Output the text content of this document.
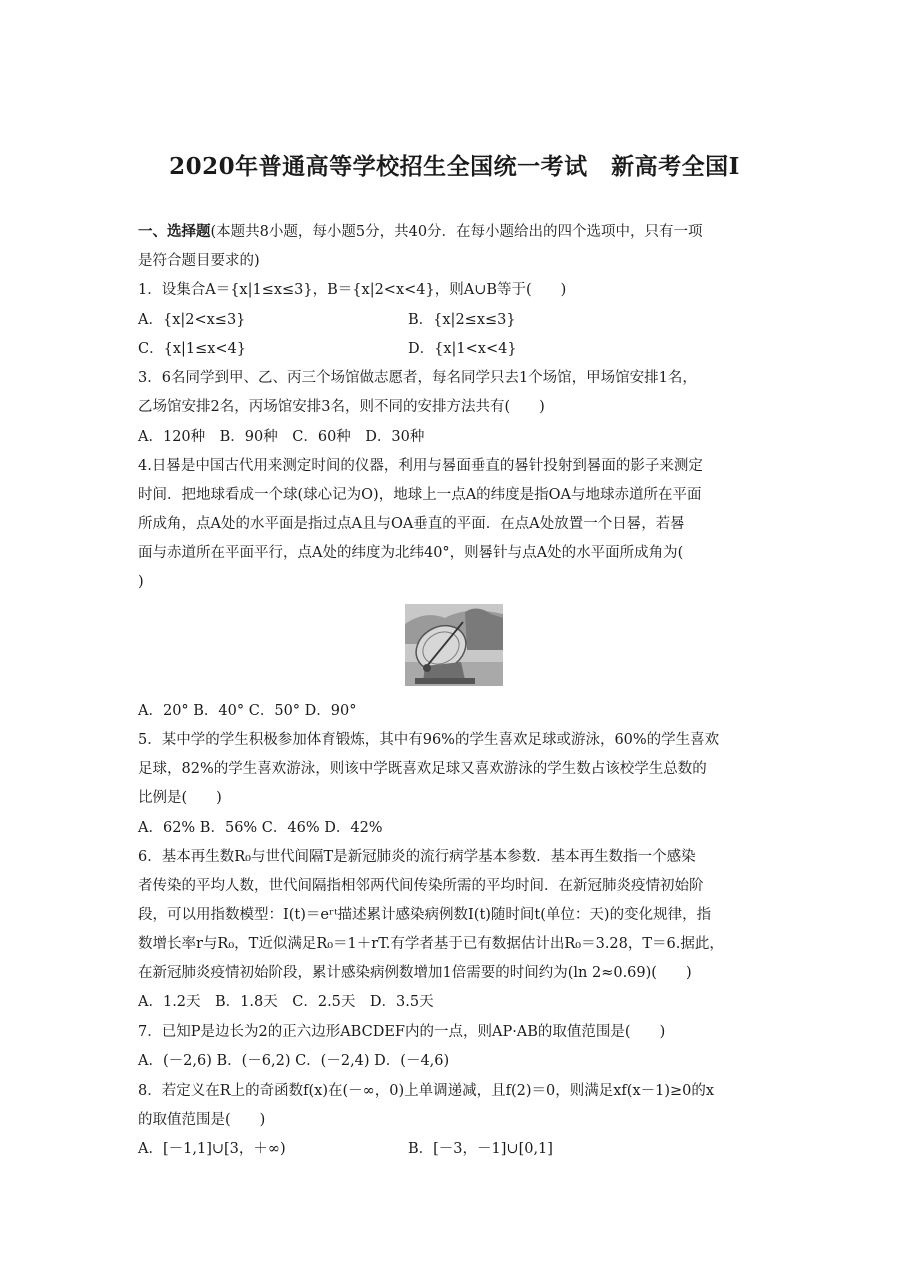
2020年普通高等学校招生全国统一考试　新高考全国Ⅰ
一、选择题(本题共8小题，每小题5分，共40分．在每小题给出的四个选项中，只有一项
是符合题目要求的)
1．设集合A＝{x|1≤x≤3}，B＝{x|2<x<4}，则A∪B等于(　　)
A．{x|2<x≤3}	B．{x|2≤x≤3}
C．{x|1≤x<4}	D．{x|1<x<4}
3．6名同学到甲、乙、丙三个场馆做志愿者，每名同学只去1个场馆，甲场馆安排1名，
乙场馆安排2名，丙场馆安排3名，则不同的安排方法共有(　　)
A．120种　B．90种　C．60种　D．30种
4.日晷是中国古代用来测定时间的仪器，利用与晷面垂直的晷针投射到晷面的影子来测定
时间．把地球看成一个球(球心记为O)，地球上一点A的纬度是指OA与地球赤道所在平面
所成角，点A处的水平面是指过点A且与OA垂直的平面．在点A处放置一个日晷，若晷
面与赤道所在平面平行，点A处的纬度为北纬40°，则晷针与点A处的水平面所成角为(
)
A．20° B．40° C．50° D．90°
5．某中学的学生积极参加体育锻炼，其中有96%的学生喜欢足球或游泳，60%的学生喜欢
足球，82%的学生喜欢游泳，则该中学既喜欢足球又喜欢游泳的学生数占该校学生总数的
比例是(　　)
A．62% B．56% C．46% D．42%
6．基本再生数R₀与世代间隔T是新冠肺炎的流行病学基本参数．基本再生数指一个感染
者传染的平均人数，世代间隔指相邻两代间传染所需的平均时间．在新冠肺炎疫情初始阶
段，可以用指数模型：I(t)＝eʳᵗ描述累计感染病例数I(t)随时间t(单位：天)的变化规律，指
数增长率r与R₀，T近似满足R₀＝1＋rT.有学者基于已有数据估计出R₀＝3.28，T＝6.据此，
在新冠肺炎疫情初始阶段，累计感染病例数增加1倍需要的时间约为(ln 2≈0.69)(　　)
A．1.2天　B．1.8天　C．2.5天　D．3.5天
7．已知P是边长为2的正六边形ABCDEF内的一点，则AP·AB的取值范围是(　　)
A．(－2,6) B．(－6,2) C．(－2,4) D．(－4,6)
8．若定义在R上的奇函数f(x)在(－∞，0)上单调递减，且f(2)＝0，则满足xf(x－1)≥0的x
的取值范围是(　　)
A．[－1,1]∪[3，＋∞)	B．[－3，－1]∪[0,1]
